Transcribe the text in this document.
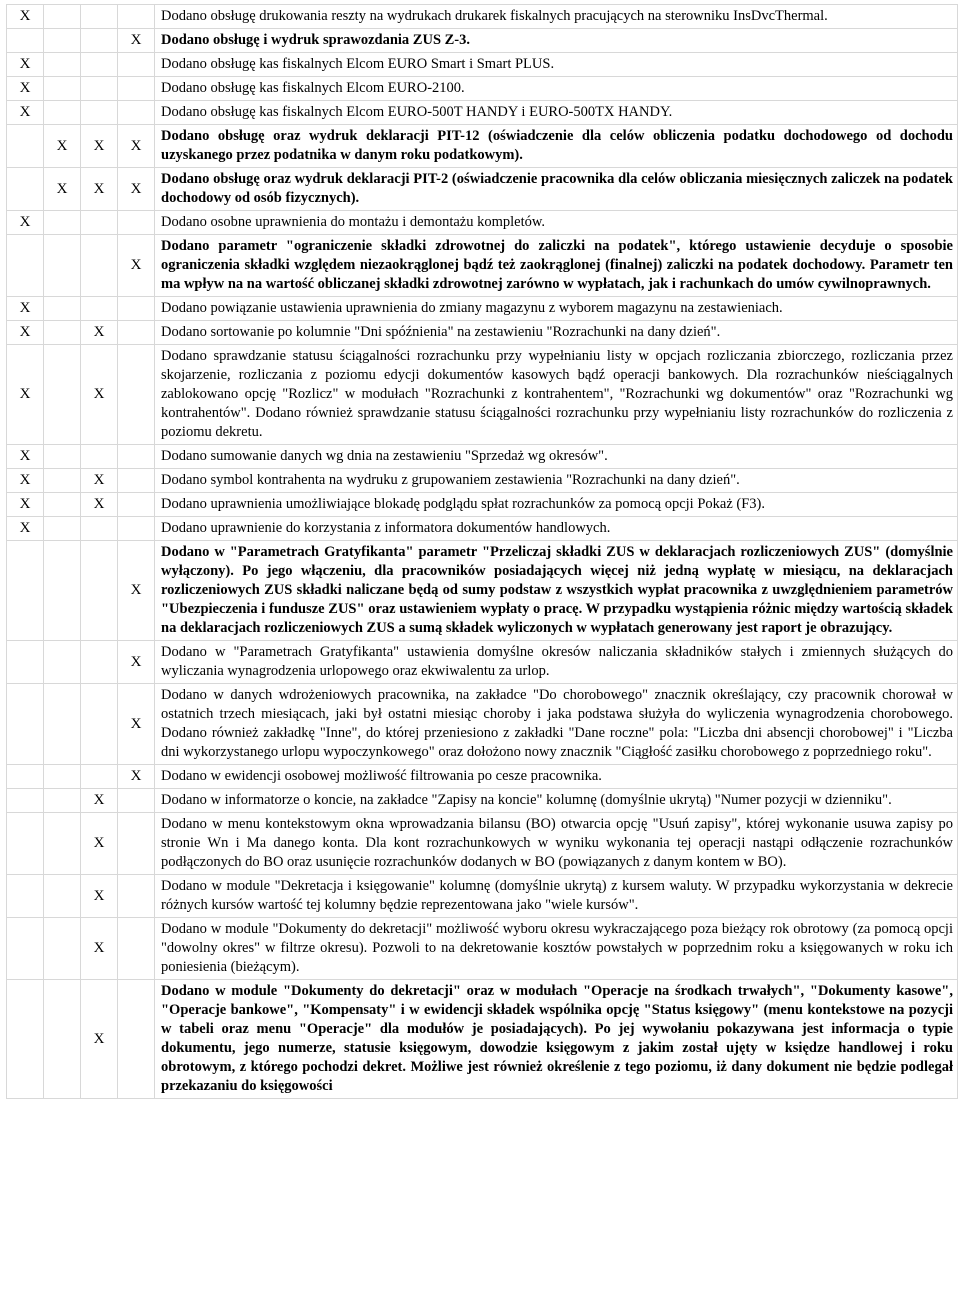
X				Dodano obsługę drukowania reszty na wydrukach drukarek fiskalnych pracujących na sterowniku InsDvcThermal.
			X	Dodano obsługę i wydruk sprawozdania ZUS Z-3.
X				Dodano obsługę kas fiskalnych Elcom EURO Smart i Smart PLUS.
X				Dodano obsługę kas fiskalnych Elcom EURO-2100.
X				Dodano obsługę kas fiskalnych Elcom EURO-500T HANDY i EURO-500TX HANDY.
	X	X	X	Dodano obsługę oraz wydruk deklaracji PIT-12 (oświadczenie dla celów obliczenia podatku dochodowego od dochodu uzyskanego przez podatnika w danym roku podatkowym).
	X	X	X	Dodano obsługę oraz wydruk deklaracji PIT-2 (oświadczenie pracownika dla celów obliczania miesięcznych zaliczek na podatek dochodowy od osób fizycznych).
X				Dodano osobne uprawnienia do montażu i demontażu kompletów.
			X	Dodano parametr "ograniczenie składki zdrowotnej do zaliczki na podatek", którego ustawienie decyduje o sposobie ograniczenia składki względem niezaokrąglonej bądź też zaokrąglonej (finalnej) zaliczki na podatek dochodowy. Parametr ten ma wpływ na na wartość obliczanej składki zdrowotnej zarówno w wypłatach, jak i rachunkach do umów cywilnoprawnych.
X				Dodano powiązanie ustawienia uprawnienia do zmiany magazynu z wyborem magazynu na zestawieniach.
X		X		Dodano sortowanie po kolumnie "Dni spóźnienia" na zestawieniu "Rozrachunki na dany dzień".
X		X		Dodano sprawdzanie statusu ściągalności rozrachunku przy wypełnianiu listy w opcjach rozliczania zbiorczego, rozliczania przez skojarzenie, rozliczania z poziomu edycji dokumentów kasowych bądź operacji bankowych. Dla rozrachunków nieściągalnych zablokowano opcję "Rozlicz" w modułach "Rozrachunki z kontrahentem", "Rozrachunki wg dokumentów" oraz "Rozrachunki wg kontrahentów". Dodano również sprawdzanie statusu ściągalności rozrachunku przy wypełnianiu listy rozrachunków do rozliczenia z poziomu dekretu.
X				Dodano sumowanie danych wg dnia na zestawieniu "Sprzedaż wg okresów".
X		X		Dodano symbol kontrahenta na wydruku z grupowaniem zestawienia "Rozrachunki na dany dzień".
X		X		Dodano uprawnienia umożliwiające blokadę podglądu spłat rozrachunków za pomocą opcji Pokaż (F3).
X				Dodano uprawnienie do korzystania z informatora dokumentów handlowych.
			X	Dodano w "Parametrach Gratyfikanta" parametr "Przeliczaj składki ZUS w deklaracjach rozliczeniowych ZUS" (domyślnie wyłączony). Po jego włączeniu, dla pracowników posiadających więcej niż jedną wypłatę w miesiącu, na deklaracjach rozliczeniowych ZUS składki naliczane będą od sumy podstaw z wszystkich wypłat pracownika z uwzględnieniem parametrów "Ubezpieczenia i fundusze ZUS" oraz ustawieniem wypłaty o pracę. W przypadku wystąpienia różnic między wartością składek na deklaracjach rozliczeniowych ZUS a sumą składek wyliczonych w wypłatach generowany jest raport je obrazujący.
			X	Dodano w "Parametrach Gratyfikanta" ustawienia domyślne okresów naliczania składników stałych i zmiennych służących do wyliczania wynagrodzenia urlopowego oraz ekwiwalentu za urlop.
			X	Dodano w danych wdrożeniowych pracownika, na zakładce "Do chorobowego" znacznik określający, czy pracownik chorował w ostatnich trzech miesiącach, jaki był ostatni miesiąc choroby i jaka podstawa służyła do wyliczenia wynagrodzenia chorobowego. Dodano również zakładkę "Inne", do której przeniesiono z zakładki "Dane roczne" pola: "Liczba dni absencji chorobowej" i "Liczba dni wykorzystanego urlopu wypoczynkowego" oraz dołożono nowy znacznik "Ciągłość zasiłku chorobowego z poprzedniego roku".
			X	Dodano w ewidencji osobowej możliwość filtrowania po cesze pracownika.
		X		Dodano w informatorze o koncie, na zakładce "Zapisy na koncie" kolumnę (domyślnie ukrytą) "Numer pozycji w dzienniku".
		X		Dodano w menu kontekstowym okna wprowadzania bilansu (BO) otwarcia opcję "Usuń zapisy", której wykonanie usuwa zapisy po stronie Wn i Ma danego konta. Dla kont rozrachunkowych w wyniku wykonania tej operacji nastąpi odłączenie rozrachunków podłączonych do BO oraz usunięcie rozrachunków dodanych w BO (powiązanych z danym kontem w BO).
		X		Dodano w module "Dekretacja i księgowanie" kolumnę (domyślnie ukrytą) z kursem waluty. W przypadku wykorzystania w dekrecie różnych kursów wartość tej kolumny będzie reprezentowana jako "wiele kursów".
		X		Dodano w module "Dokumenty do dekretacji" możliwość wyboru okresu wykraczającego poza bieżący rok obrotowy (za pomocą opcji "dowolny okres" w filtrze okresu). Pozwoli to na dekretowanie kosztów powstałych w poprzednim roku a księgowanych w roku ich poniesienia (bieżącym).
		X		Dodano w module "Dokumenty do dekretacji" oraz w modułach "Operacje na środkach trwałych", "Dokumenty kasowe", "Operacje bankowe", "Kompensaty" i w ewidencji składek wspólnika opcję "Status księgowy" (menu kontekstowe na pozycji w tabeli oraz menu "Operacje" dla modułów je posiadających). Po jej wywołaniu pokazywana jest informacja o typie dokumentu, jego numerze, statusie księgowym, dowodzie księgowym z jakim został ujęty w księdze handlowej i roku obrotowym, z którego pochodzi dekret. Możliwe jest również określenie z tego poziomu, iż dany dokument nie będzie podlegał przekazaniu do księgowości
